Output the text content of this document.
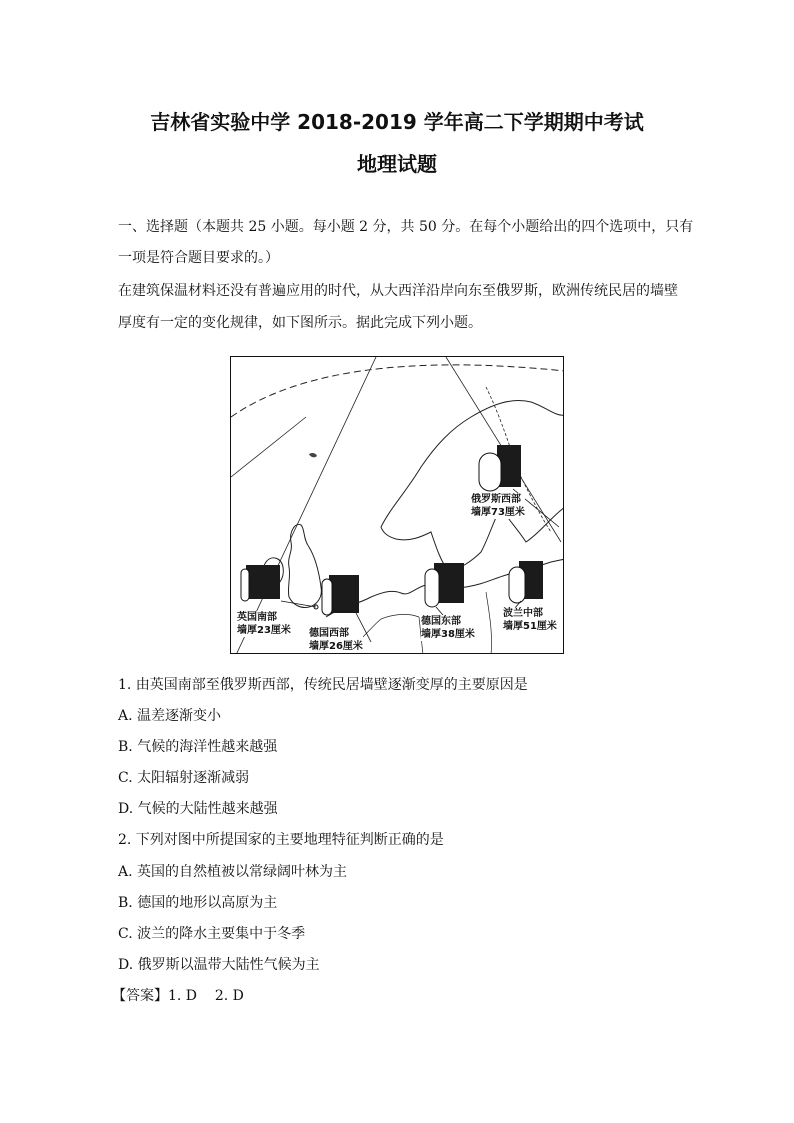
吉林省实验中学 2018-2019 学年高二下学期期中考试
地理试题
一、选择题（本题共 25 小题。每小题 2 分，共 50 分。在每个小题给出的四个选项中，只有
一项是符合题目要求的。）
在建筑保温材料还没有普遍应用的时代，从大西洋沿岸向东至俄罗斯，欧洲传统民居的墙壁
厚度有一定的变化规律，如下图所示。据此完成下列小题。
英国南部
墙厚23厘米 德国西部
墙厚26厘米
德国东部
墙厚38厘米
波兰中部
墙厚51厘米
俄罗斯西部
墙厚73厘米
1. 由英国南部至俄罗斯西部，传统民居墙壁逐渐变厚的主要原因是
A. 温差逐渐变小
B. 气候的海洋性越来越强
C. 太阳辐射逐渐减弱
D. 气候的大陆性越来越强
2. 下列对图中所提国家的主要地理特征判断正确的是
A. 英国的自然植被以常绿阔叶林为主
B. 德国的地形以高原为主
C. 波兰的降水主要集中于冬季
D. 俄罗斯以温带大陆性气候为主
【答案】1. D    2. D
